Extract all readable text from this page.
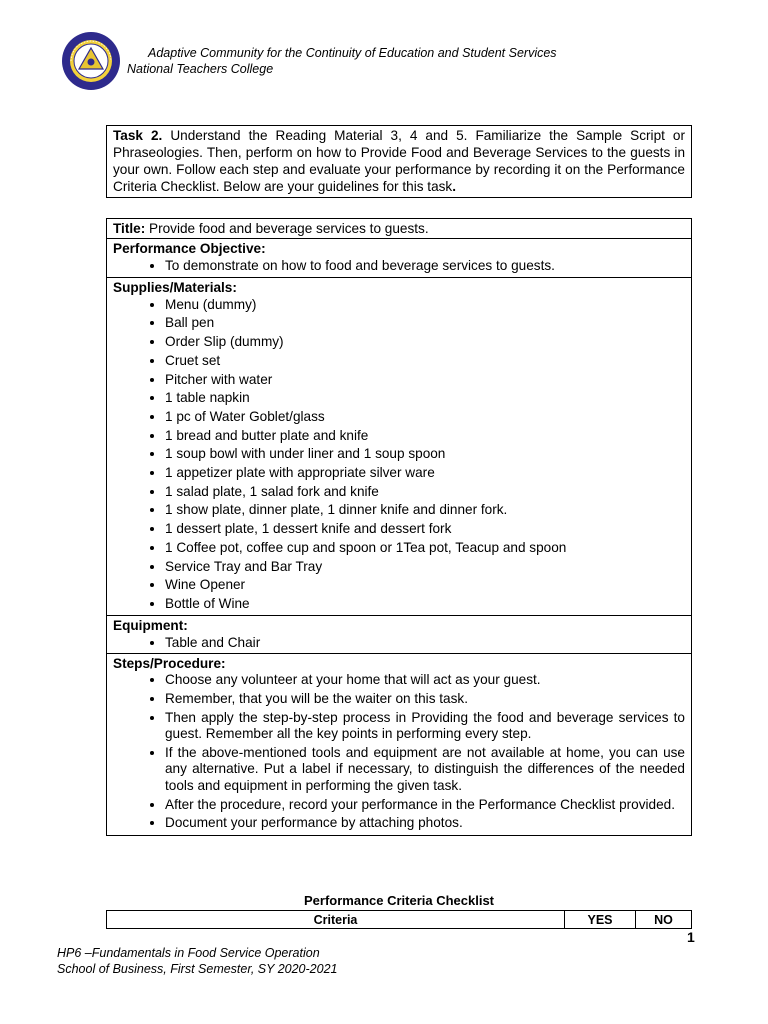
Adaptive Community for the Continuity of Education and Student Services
National Teachers College
Task 2. Understand the Reading Material 3, 4 and 5. Familiarize the Sample Script or Phraseologies. Then, perform on how to Provide Food and Beverage Services to the guests in your own. Follow each step and evaluate your performance by recording it on the Performance Criteria Checklist. Below are your guidelines for this task.
Title: Provide food and beverage services to guests.
Performance Objective:
• To demonstrate on how to food and beverage services to guests.
Supplies/Materials:
• Menu (dummy)
• Ball pen
• Order Slip (dummy)
• Cruet set
• Pitcher with water
• 1 table napkin
• 1 pc of Water Goblet/glass
• 1 bread and butter plate and knife
• 1 soup bowl with under liner and 1 soup spoon
• 1 appetizer plate with appropriate silver ware
• 1 salad plate, 1 salad fork and knife
• 1 show plate, dinner plate, 1 dinner knife and dinner fork.
• 1 dessert plate, 1 dessert knife and dessert fork
• 1 Coffee pot, coffee cup and spoon or 1Tea pot, Teacup and spoon
• Service Tray and Bar Tray
• Wine Opener
• Bottle of Wine
Equipment:
• Table and Chair
Steps/Procedure:
• Choose any volunteer at your home that will act as your guest.
• Remember, that you will be the waiter on this task.
• Then apply the step-by-step process in Providing the food and beverage services to guest. Remember all the key points in performing every step.
• If the above-mentioned tools and equipment are not available at home, you can use any alternative. Put a label if necessary, to distinguish the differences of the needed tools and equipment in performing the given task.
• After the procedure, record your performance in the Performance Checklist provided.
• Document your performance by attaching photos.
Performance Criteria Checklist
Criteria	YES	NO
1
HP6 –Fundamentals in Food Service Operation
School of Business, First Semester, SY 2020-2021
